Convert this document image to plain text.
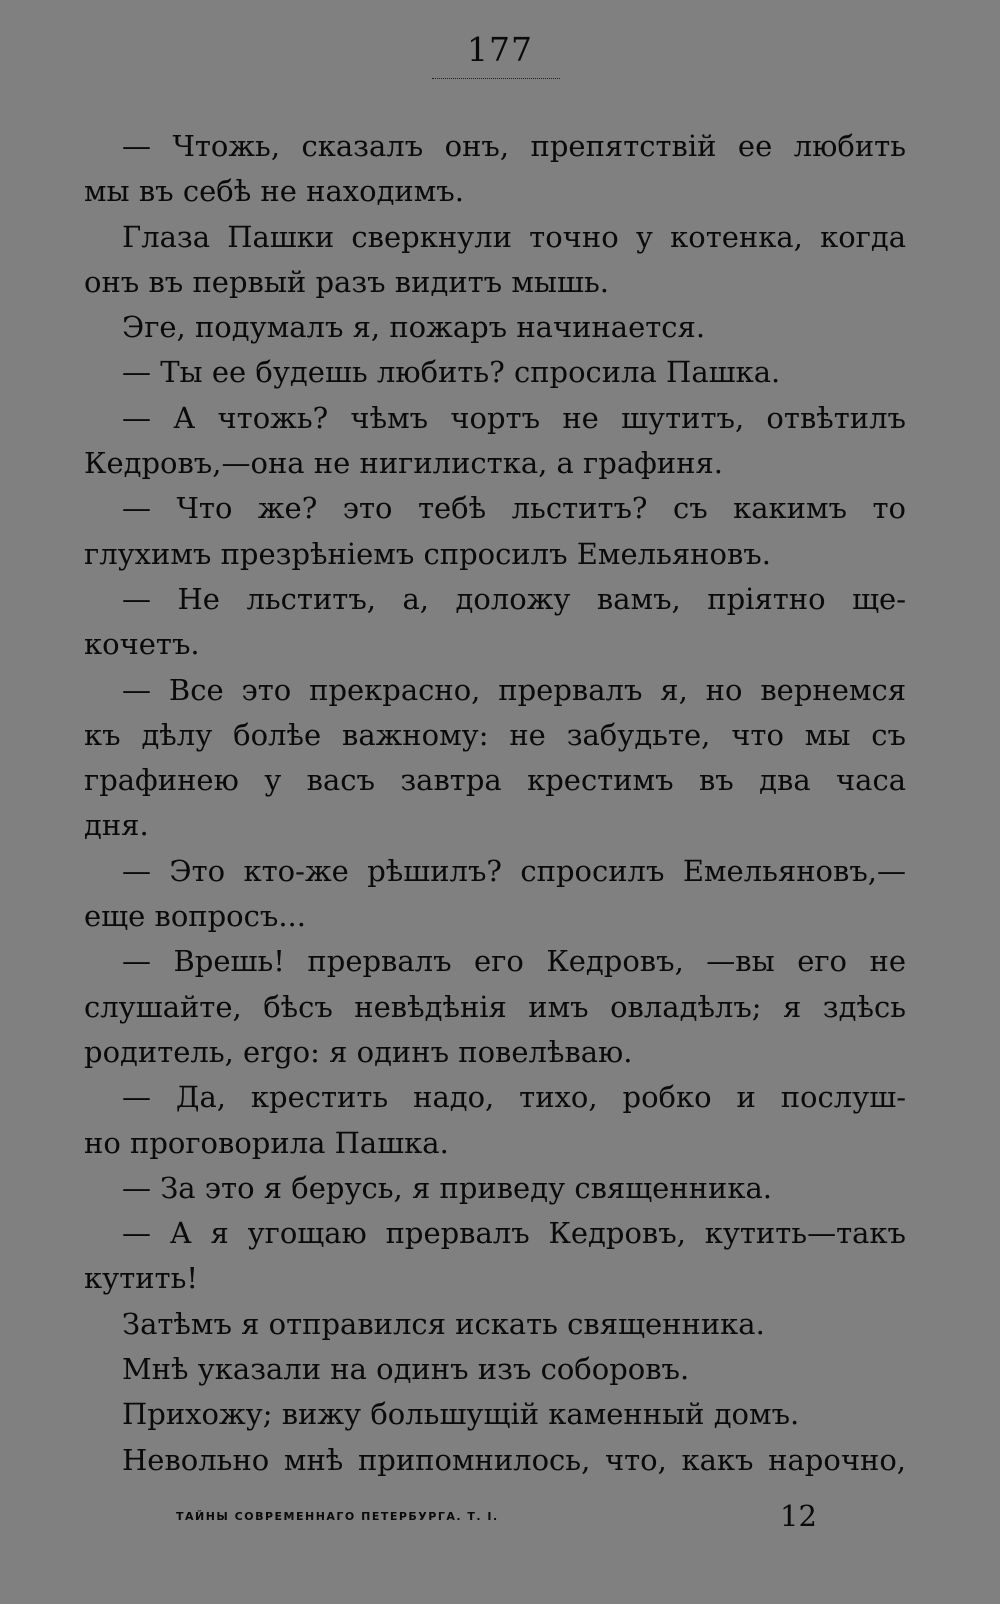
177
— Чтожь, сказалъ онъ, препятствій ее любить
мы въ себѣ не находимъ.
Глаза Пашки сверкнули точно у котенка, когда
онъ въ первый разъ видитъ мышь.
Эге, подумалъ я, пожаръ начинается.
— Ты ее будешь любить? спросила Пашка.
— А чтожь? чѣмъ чортъ не шутитъ, отвѣтилъ
Кедровъ,—она не нигилистка, а графиня.
— Что же? это тебѣ льститъ? съ какимъ то
глухимъ презрѣніемъ спросилъ Емельяновъ.
— Не льститъ, а, доложу вамъ, пріятно ще-
кочетъ.
— Все это прекрасно, прервалъ я, но вернемся
къ дѣлу болѣе важному: не забудьте, что мы съ
графинею у васъ завтра крестимъ въ два часа
дня.
— Это кто-же рѣшилъ? спросилъ Емельяновъ,—
еще вопросъ...
— Врешь! прервалъ его Кедровъ, —вы его не
слушайте, бѣсъ невѣдѣнія имъ овладѣлъ; я здѣсь
родитель, ergo: я одинъ повелѣваю.
— Да, крестить надо, тихо, робко и послуш-
но проговорила Пашка.
— За это я берусь, я приведу священника.
— А я угощаю прервалъ Кедровъ, кутить—такъ
кутить!
Затѣмъ я отправился искать священника.
Мнѣ указали на одинъ изъ соборовъ.
Прихожу; вижу большущій каменный домъ.
Невольно мнѣ припомнилось, что, какъ нарочно,
ТАЙНЫ СОВРЕМЕННАГО ПЕТЕРБУРГА. Т. I.	12
